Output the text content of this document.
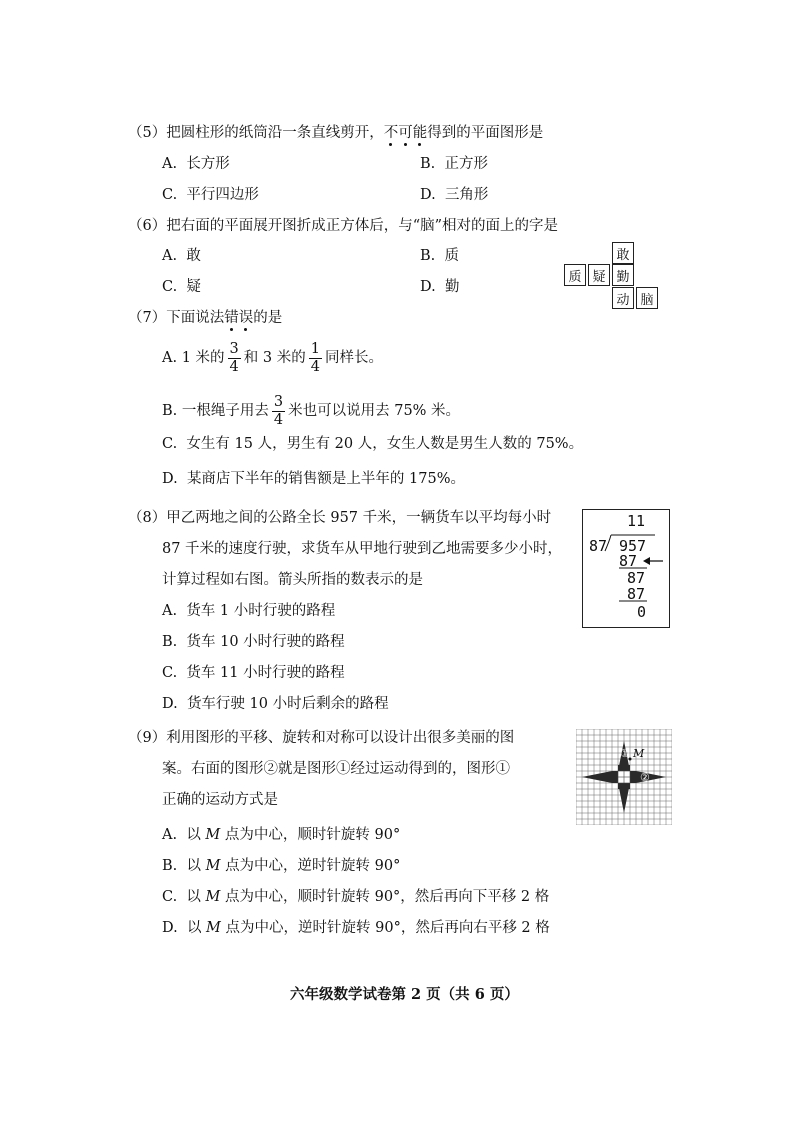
（5）把圆柱形的纸筒沿一条直线剪开，不可能得到的平面图形是
A. 长方形	B. 正方形
C. 平行四边形	D. 三角形
（6）把右面的平面展开图折成正方体后，与“脑”相对的面上的字是
A. 敢	B. 质
C. 疑	D. 勤
敢
质 疑 勤
动 脑
（7）下面说法错误的是
A.
1 米的 $\frac{3}{4}$ 和 3 米的 $\frac{1}{4}$ 同样长。
B.
一根绳子用去 $\frac{3}{4}$ 米也可以说用去 75% 米。
C. 女生有 15 人，男生有 20 人，女生人数是男生人数的 75%。
D. 某商店下半年的销售额是上半年的 175%。
（8）甲乙两地之间的公路全长 957 千米，一辆货车以平均每小时
87 千米的速度行驶，求货车从甲地行驶到乙地需要多少小时，
计算过程如右图。箭头所指的数表示的是
A. 货车 1 小时行驶的路程
B. 货车 10 小时行驶的路程
C. 货车 11 小时行驶的路程
D. 货车行驶 10 小时后剩余的路程
11
87 957
87
87
87
0
（9）利用图形的平移、旋转和对称可以设计出很多美丽的图
案。右面的图形②就是图形①经过运动得到的，图形①
正确的运动方式是
A. 以 M 点为中心，顺时针旋转 90°
B. 以 M 点为中心，逆时针旋转 90°
C. 以 M 点为中心，顺时针旋转 90°，然后再向下平移 2 格
D. 以 M 点为中心，逆时针旋转 90°，然后再向右平移 2 格
① M
②
六年级数学试卷第 2 页（共 6 页）
